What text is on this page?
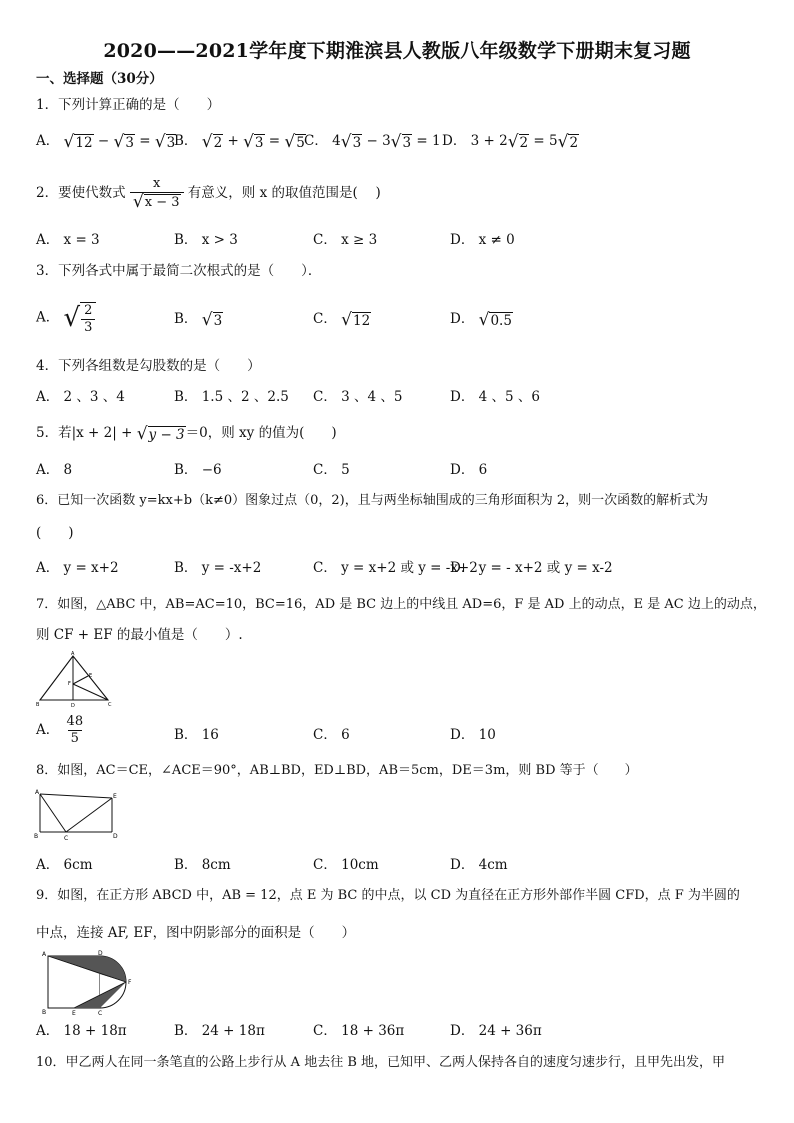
2020——2021学年度下期淮滨县人教版八年级数学下册期末复习题
一、选择题（30分）
1．下列计算正确的是（　　）
A． √ 12 − √ 3 = √ 3
B． √ 2 + √ 3 = √ 5 C． 4 √ 3 − 3 √ 3 = 1 D． 3 + 2 √ 2 = 5 √ 2
2．要使代数式 $\frac{x}{√ x - 3}$ 有意义，则 x 的取值范围是(　 )
A． x = 3	B． x > 3	C． x ≥ 3	D． x ≠ 0
3．下列各式中属于最简二次根式的是（　　）．
A． √ $\frac{2}{3}$	B． √ 3	C． √ 12	D． √ 0.5
4．下列各组数是勾股数的是（　　）
A． 2 、3 、4	B． 1.5 、2 、2.5 C． 3 、4 、5	D． 4 、5 、6
5．若|x + 2| + √ y − 3 ＝0，则 xy 的值为(　　)
A． 8	B． −6	C． 5	D． 6
6．已知一次函数 y=kx+b（k≠0）图象过点（0，2)，且与两坐标轴围成的三角形面积为 2，则一次函数的解析式为
(　　)
A． y = x+2	B． y = -x+2	C． y = x+2 或 y = -x+2
D． y = - x+2 或 y = x-2
7．如图，△ABC 中，AB=AC=10，BC=16，AD 是 BC 边上的中线且 AD=6，F 是 AD 上的动点，E 是 AC 边上的动点，
则 CF + EF 的最小值是（　　）.
A
B	C
D
E
F
A． $\frac{48}{5}$	B． 16	C． 6	D． 10
8．如图，AC＝CE，∠ACE＝90°，AB⊥BD，ED⊥BD，AB＝5cm，DE＝3m，则 BD 等于（　　）
A
B	C	D
E
A． 6cm	B． 8cm	C． 10cm	D． 4cm
9．如图，在正方形 ABCD 中，AB = 12，点 E 为 BC 的中点，以 CD 为直径在正方形外部作半圆 CFD，点 F 为半圆的
中点，连接 AF, EF，图中阴影部分的面积是（　　）
A
B	C
D
E
F
A． 18 + 18π	B． 24 + 18π	C． 18 + 36π	D． 24 + 36π
10．甲乙两人在同一条笔直的公路上步行从 A 地去往 B 地，已知甲、乙两人保持各自的速度匀速步行，且甲先出发，甲
